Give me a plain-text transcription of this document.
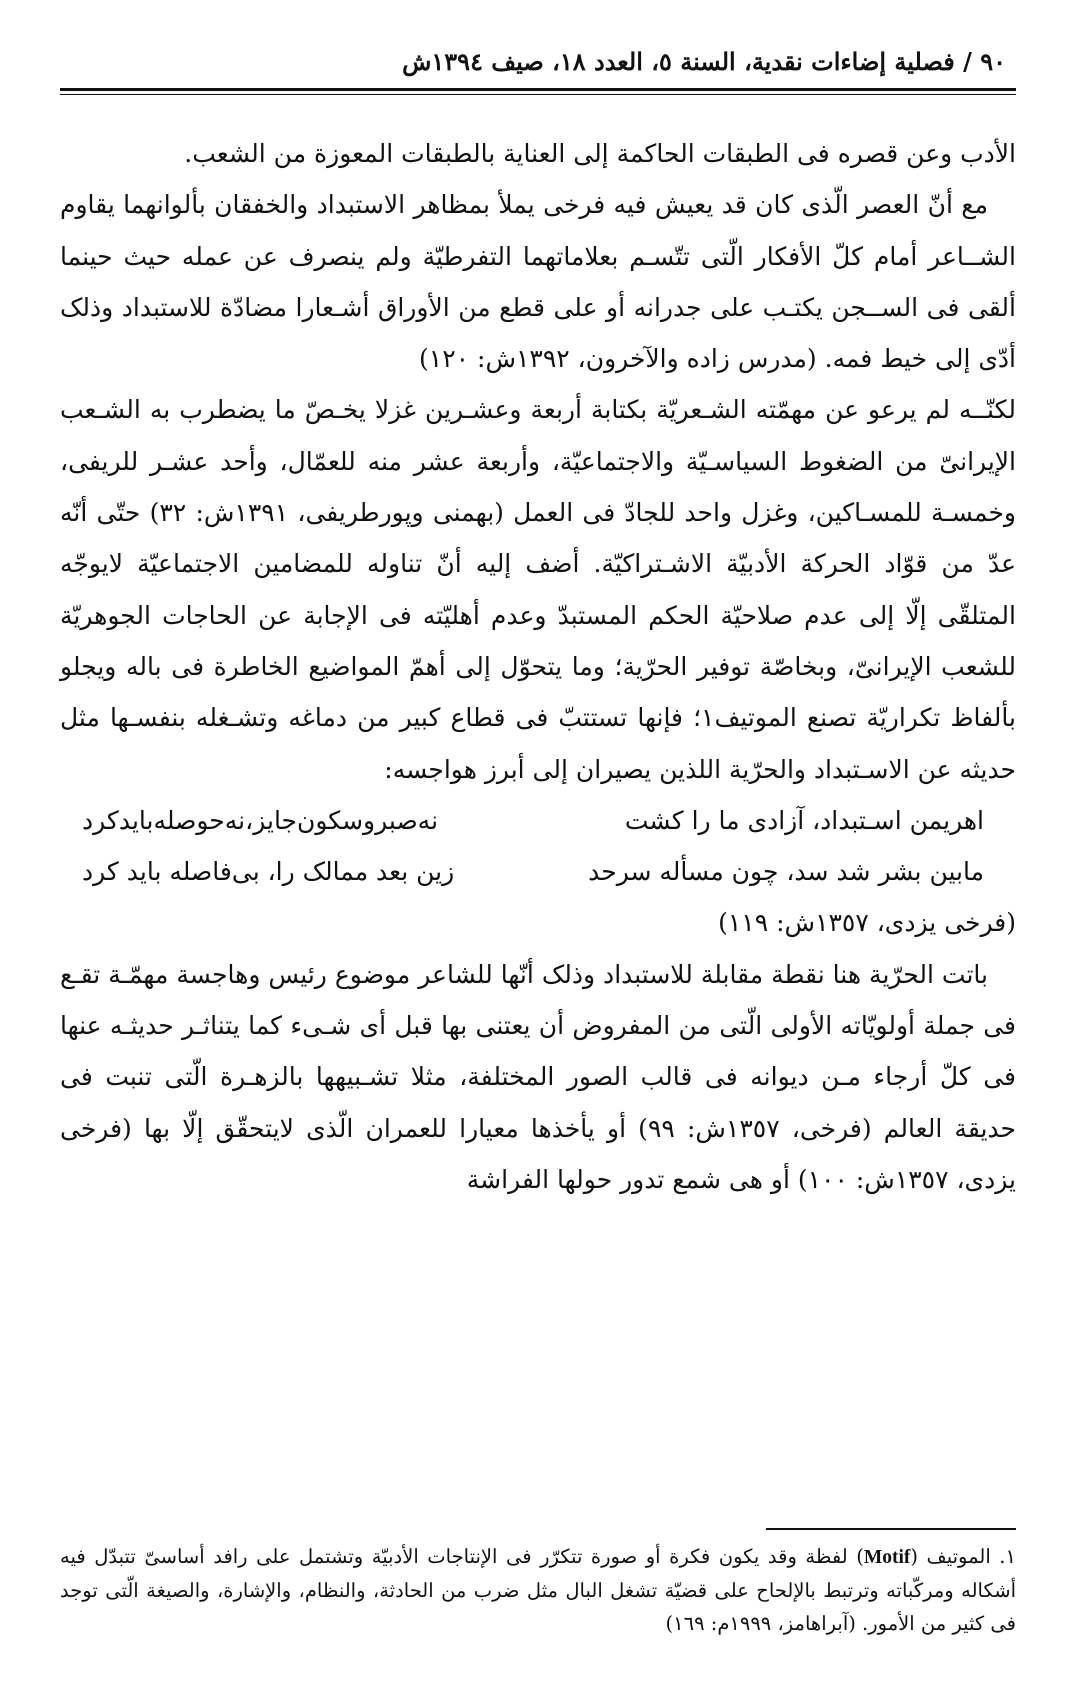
٩٠ / فصلية إضاءات نقدية، السنة ٥، العدد ١٨، صيف ١٣٩٤ش

الأدب وعن قصره فى الطبقات الحاكمة إلى العناية بالطبقات المعوزة من الشعب.

مع أنّ العصر الّذى كان قد يعيش فيه فرخى يملأ بمظاهر الاستبداد والخفقان بألوانهما يقاوم الشــاعر أمام كلّ الأفكار الّتى تتّسـم بعلاماتهما التفرطيّة ولم ينصرف عن عمله حيث حينما ألقى فى الســجن يكتـب على جدرانه أو على قطع من الأوراق أشـعارا مضادّة للاستبداد وذلک أدّى إلى خيط فمه. (مدرس زاده والآخرون، ١٣٩٢ش: ١٢٠)

لكنّــه لم يرعو عن مهمّته الشـعريّة بكتابة أربعة وعشـرين غزلا يخـصّ ما يضطرب به الشـعب الإيرانىّ من الضغوط السياسـيّة والاجتماعيّة، وأربعة عشر منه للعمّال، وأحد عشـر للريفى، وخمسـة للمسـاكين، وغزل واحد للجادّ فى العمل (بهمنى وپورطريفى، ١٣٩١ش: ٣٢) حتّى أنّه عدّ من قوّاد الحركة الأدبيّة الاشـتراكيّة. أضف إليه أنّ تناوله للمضامين الاجتماعيّة لايوجّه المتلقّى إلّا إلى عدم صلاحيّة الحكم المستبدّ وعدم أهليّته فى الإجابة عن الحاجات الجوهريّة للشعب الإيرانىّ، وبخاصّة توفير الحرّية؛ وما يتحوّل إلى أهمّ المواضيع الخاطرة فى باله ويجلو بألفاظ تكراريّة تصنع الموتيف١؛ فإنها تستتبّ فى قطاع كبير من دماغه وتشـغله بنفسـها مثل حديثه عن الاسـتبداد والحرّية اللذين يصيران إلى أبرز هواجسه:

اهريمن اسـتبداد، آزادى ما را كشت
نه‌صبروسكون‌جايز،نه‌حوصله‌بايدكرد
مابين بشر شد سد، چون مسأله سرحد
زين بعد ممالک را، بى‌فاصله بايد كرد
(فرخى يزدى، ١٣٥٧ش: ١١٩)

باتت الحرّية هنا نقطة مقابلة للاستبداد وذلک أنّها للشاعر موضوع رئيس وهاجسة مهمّـة تقـع فى جملة أولويّاته الأولى الّتى من المفروض أن يعتنى بها قبل أى شـىء كما يتناثـر حديثـه عنها فى كلّ أرجاء مـن ديوانه فى قالب الصور المختلفة، مثلا تشـبيهها بالزهـرة الّتى تنبت فى حديقة العالم (فرخى، ١٣٥٧ش: ٩٩) أو يأخذها معيارا للعمران الّذى لايتحقّق إلّا بها (فرخى يزدى، ١٣٥٧ش: ١٠٠) أو هى شمع تدور حولها الفراشة

١. الموتيف (Motif) لفظة وقد يكون فكرة أو صورة تتكرّر فى الإنتاجات الأدبيّة وتشتمل على رافد أساسىّ تتبدّل فيه أشكاله ومركّباته وترتبط بالإلحاح على قضيّة تشغل البال مثل ضرب من الحادثة، والنظام، والإشارة، والصيغة الّتى توجد فى كثير من الأمور. (آبراهامز، ١٩٩٩م: ١٦٩)
